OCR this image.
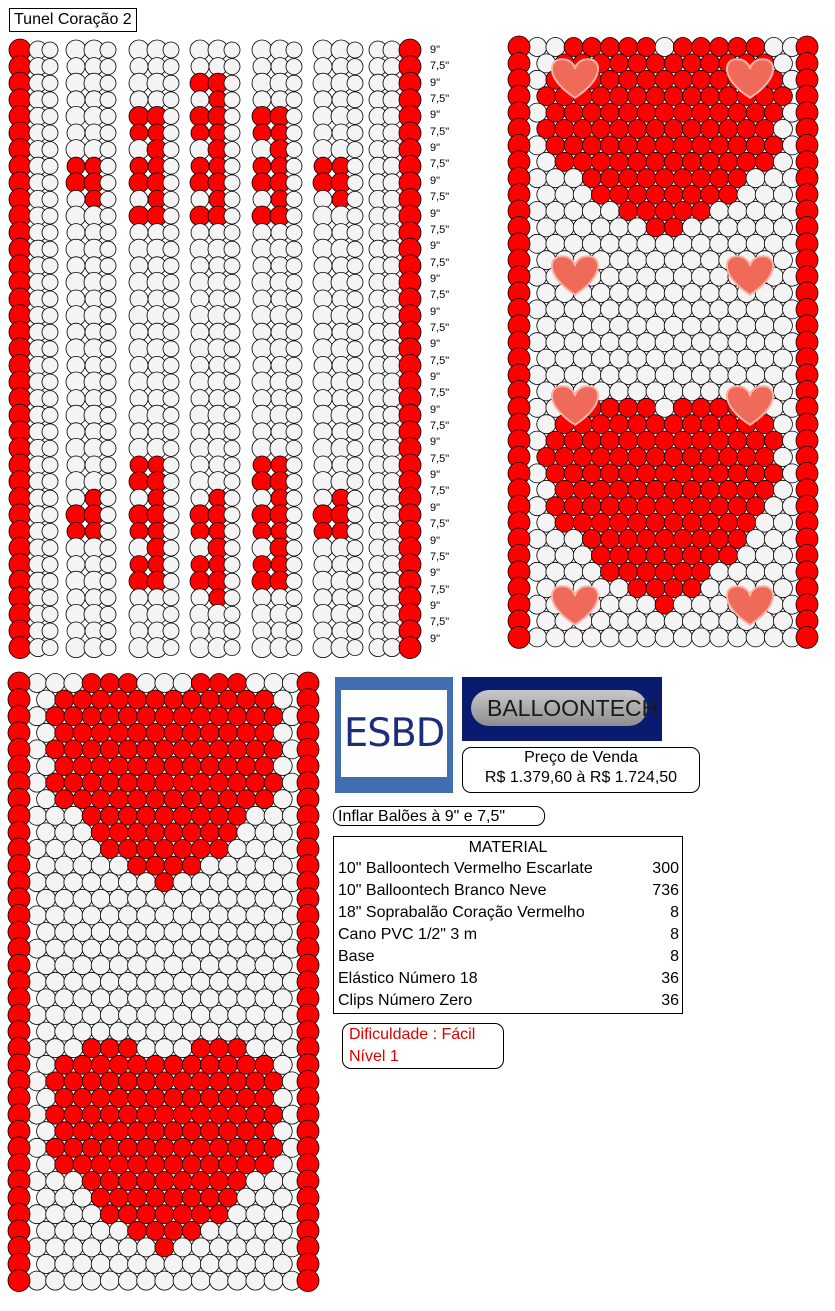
Tunel Coração 2
9"
7,5"
9"
7,5"
9"
7,5"
9"
7,5"
9"
7,5"
9"
7,5"
9"
7,5"
9"
7,5"
9"
7,5"
9"
7,5"
9"
7,5"
9"
7,5"
9"
7,5"
9"
7,5"
9"
7,5"
9"
7,5"
9"
7,5"
9"
7,5"
9"
ESBD
BALLOONTECH
Preço de Venda
R$ 1.379,60 à R$ 1.724,50
Inflar Balões à 9" e 7,5"
MATERIAL
10" Balloontech Vermelho Escarlate	300
10" Balloontech Branco Neve	736
18" Soprabalão Coração Vermelho	8
Cano PVC 1/2" 3 m	8
Base	8
Elástico Número 18	36
Clips Número Zero	36
Dificuldade : Fácil
Nível 1
